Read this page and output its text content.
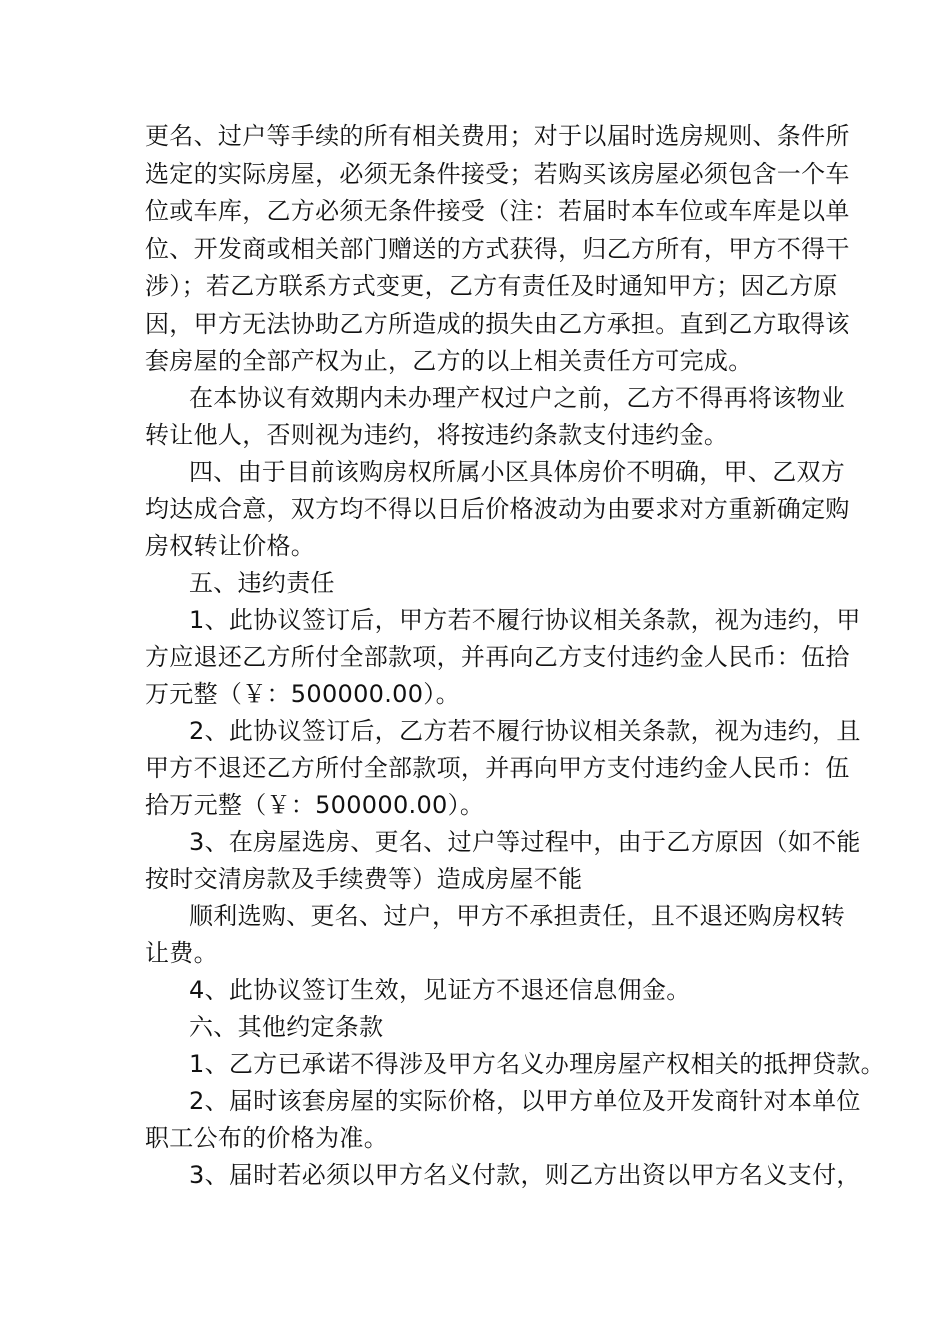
更名、过户等手续的所有相关费用；对于以届时选房规则、条件所

选定的实际房屋，必须无条件接受；若购买该房屋必须包含一个车

位或车库，乙方必须无条件接受（注：若届时本车位或车库是以单

位、开发商或相关部门赠送的方式获得，归乙方所有，甲方不得干

涉）；若乙方联系方式变更，乙方有责任及时通知甲方；因乙方原

因，甲方无法协助乙方所造成的损失由乙方承担。直到乙方取得该

套房屋的全部产权为止，乙方的以上相关责任方可完成。

在本协议有效期内未办理产权过户之前，乙方不得再将该物业

转让他人，否则视为违约，将按违约条款支付违约金。

四、由于目前该购房权所属小区具体房价不明确，甲、乙双方

均达成合意，双方均不得以日后价格波动为由要求对方重新确定购

房权转让价格。

五、违约责任

1、此协议签订后，甲方若不履行协议相关条款，视为违约，甲

方应退还乙方所付全部款项，并再向乙方支付违约金人民币：伍拾

万元整（￥：500000.00）。

2、此协议签订后，乙方若不履行协议相关条款，视为违约，且

甲方不退还乙方所付全部款项，并再向甲方支付违约金人民币：伍

拾万元整（￥：500000.00）。

3、在房屋选房、更名、过户等过程中，由于乙方原因（如不能

按时交清房款及手续费等）造成房屋不能

顺利选购、更名、过户，甲方不承担责任，且不退还购房权转

让费。

4、此协议签订生效，见证方不退还信息佣金。

六、其他约定条款

1、乙方已承诺不得涉及甲方名义办理房屋产权相关的抵押贷款。

2、届时该套房屋的实际价格，以甲方单位及开发商针对本单位

职工公布的价格为准。

3、届时若必须以甲方名义付款，则乙方出资以甲方名义支付，
